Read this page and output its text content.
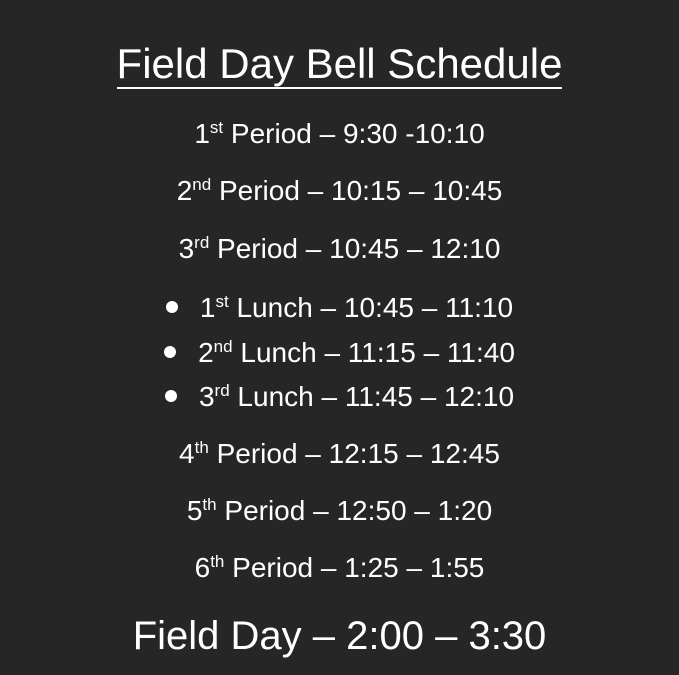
Field Day Bell Schedule
1st Period – 9:30 -10:10
2nd Period – 10:15 – 10:45
3rd Period – 10:45 – 12:10
1st Lunch – 10:45 – 11:10
2nd Lunch – 11:15 – 11:40
3rd Lunch – 11:45 – 12:10
4th Period – 12:15 – 12:45
5th Period – 12:50 – 1:20
6th Period – 1:25 – 1:55
Field Day – 2:00 – 3:30
